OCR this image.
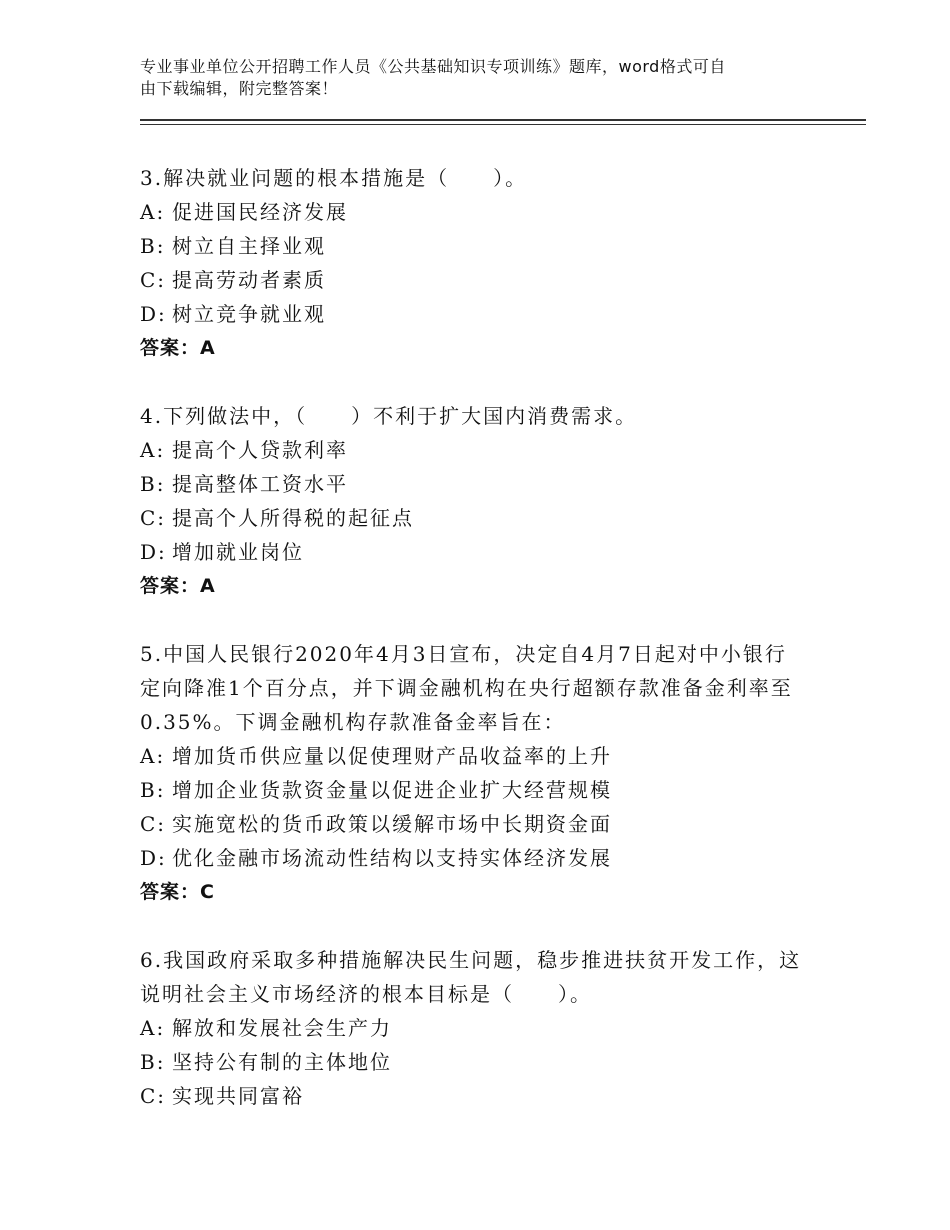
专业事业单位公开招聘工作人员《公共基础知识专项训练》题库，word格式可自
由下载编辑，附完整答案！
3.解决就业问题的根本措施是（　　）。
A: 促进国民经济发展
B: 树立自主择业观
C: 提高劳动者素质
D: 树立竞争就业观
答案：A
4.下列做法中，（　　）不利于扩大国内消费需求。
A: 提高个人贷款利率
B: 提高整体工资水平
C: 提高个人所得税的起征点
D: 增加就业岗位
答案：A
5.中国人民银行2020年4月3日宣布，决定自4月7日起对中小银行
定向降准1个百分点，并下调金融机构在央行超额存款准备金利率至
0.35%。下调金融机构存款准备金率旨在：
A: 增加货币供应量以促使理财产品收益率的上升
B: 增加企业货款资金量以促进企业扩大经营规模
C: 实施宽松的货币政策以缓解市场中长期资金面
D: 优化金融市场流动性结构以支持实体经济发展
答案：C
6.我国政府采取多种措施解决民生问题，稳步推进扶贫开发工作，这
说明社会主义市场经济的根本目标是（　　）。
A: 解放和发展社会生产力
B: 坚持公有制的主体地位
C: 实现共同富裕
